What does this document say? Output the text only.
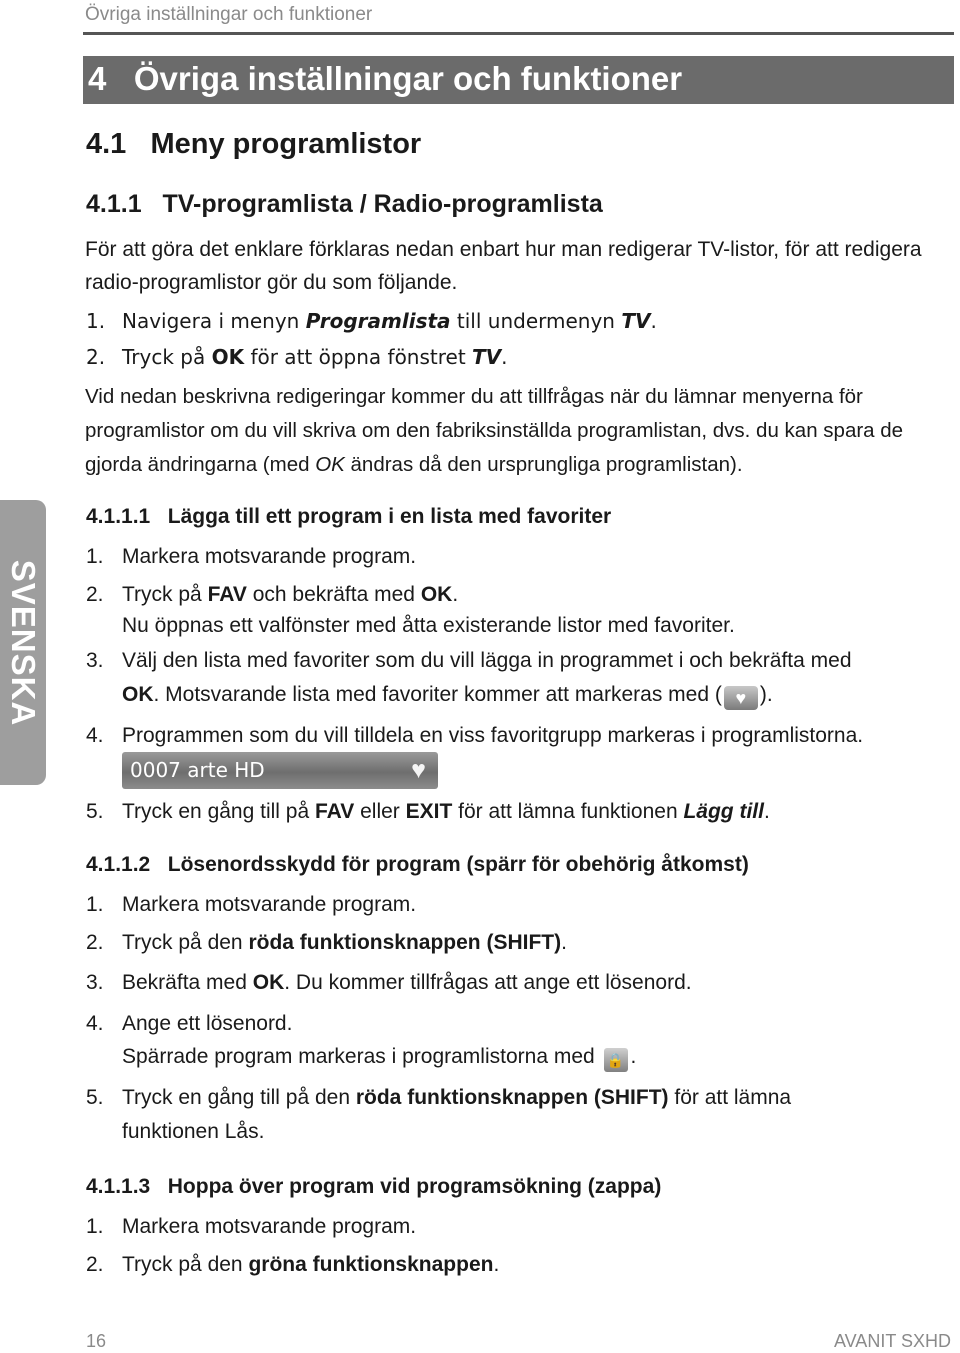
Övriga inställningar och funktioner
4 Övriga inställningar och funktioner
4.1 Meny programlistor
4.1.1 TV-programlista / Radio-programlista
För att göra det enklare förklaras nedan enbart hur man redigerar TV-listor, för att redigera radio-programlistor gör du som följande.
1. Navigera i menyn Programlista till undermenyn TV.
2. Tryck på OK för att öppna fönstret TV.
Vid nedan beskrivna redigeringar kommer du att tillfrågas när du lämnar menyerna för programlistor om du vill skriva om den fabriksinställda programlistan, dvs. du kan spara de gjorda ändringarna (med OK ändras då den ursprungliga programlistan).
SVENSKA
4.1.1.1 Lägga till ett program i en lista med favoriter
1. Markera motsvarande program.
2. Tryck på FAV och bekräfta med OK.
Nu öppnas ett valfönster med åtta existerande listor med favoriter.
3. Välj den lista med favoriter som du vill lägga in programmet i och bekräfta med
OK. Motsvarande lista med favoriter kommer att markeras med ( ♥ ).
4. Programmen som du vill tilldela en viss favoritgrupp markeras i programlistorna.
0007 arte HD	♥
5. Tryck en gång till på FAV eller EXIT för att lämna funktionen Lägg till.
4.1.1.2 Lösenordsskydd för program (spärr för obehörig åtkomst)
1. Markera motsvarande program.
2. Tryck på den röda funktionsknappen (SHIFT).
3. Bekräfta med OK. Du kommer tillfrågas att ange ett lösenord.
4. Ange ett lösenord.
Spärrade program markeras i programlistorna med 🔒 .
5. Tryck en gång till på den röda funktionsknappen (SHIFT) för att lämna
funktionen Lås.
4.1.1.3 Hoppa över program vid programsökning (zappa)
1. Markera motsvarande program.
2. Tryck på den gröna funktionsknappen.
16	AVANIT SXHD
